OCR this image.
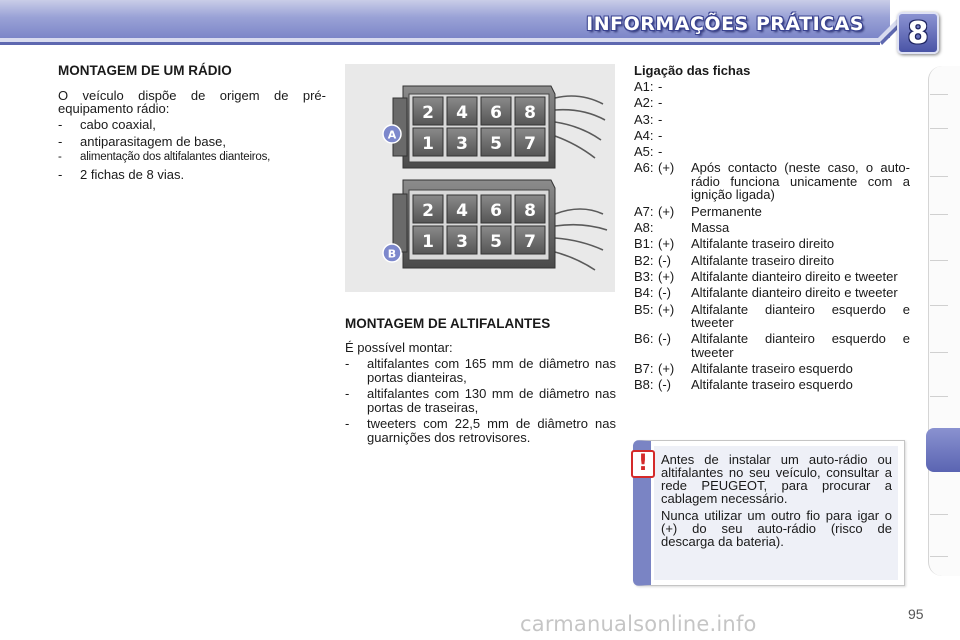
INFORMAÇÕES PRÁTICAS 8
MONTAGEM DE UM RÁDIO
O veículo dispõe de origem de pré-
equipamento rádio:
- cabo coaxial,
- antiparasitagem de base,
- alimentação dos altifalantes dianteiros,
- 2 fichas de 8 vias.
2 4 6 8
1 3 5 7
2 4 6 8
1 3 5 7
A
B
MONTAGEM DE ALTIFALANTES
É possível montar:
- altifalantes com 165 mm de diâmetro nas portas dianteiras,
- altifalantes com 130 mm de diâmetro nas portas de traseiras,
- tweeters com 22,5 mm de diâmetro nas guarnições dos retrovisores.
Ligação das fichas
A1: -
A2: -
A3: -
A4: -
A5: -
A6: (+)	Após contacto (neste caso, o auto-rádio funciona unicamente com a ignição ligada)
A7: (+)	Permanente
A8:	Massa
B1: (+)	Altifalante traseiro direito
B2: (-)	Altifalante traseiro direito
B3: (+)	Altifalante dianteiro direito e tweeter
B4: (-)	Altifalante dianteiro direito e tweeter
B5: (+)	Altifalante dianteiro esquerdo e tweeter
B6: (-)	Altifalante dianteiro esquerdo e tweeter
B7: (+)	Altifalante traseiro esquerdo
B8: (-)	Altifalante traseiro esquerdo
! Antes de instalar um auto-rádio ou altifalantes no seu veículo, consultar a rede PEUGEOT, para procurar a cablagem necessário.

Nunca utilizar um outro fio para igar o (+) do seu auto-rádio (risco de descarga da bateria).

95
carmanualsonline.info
